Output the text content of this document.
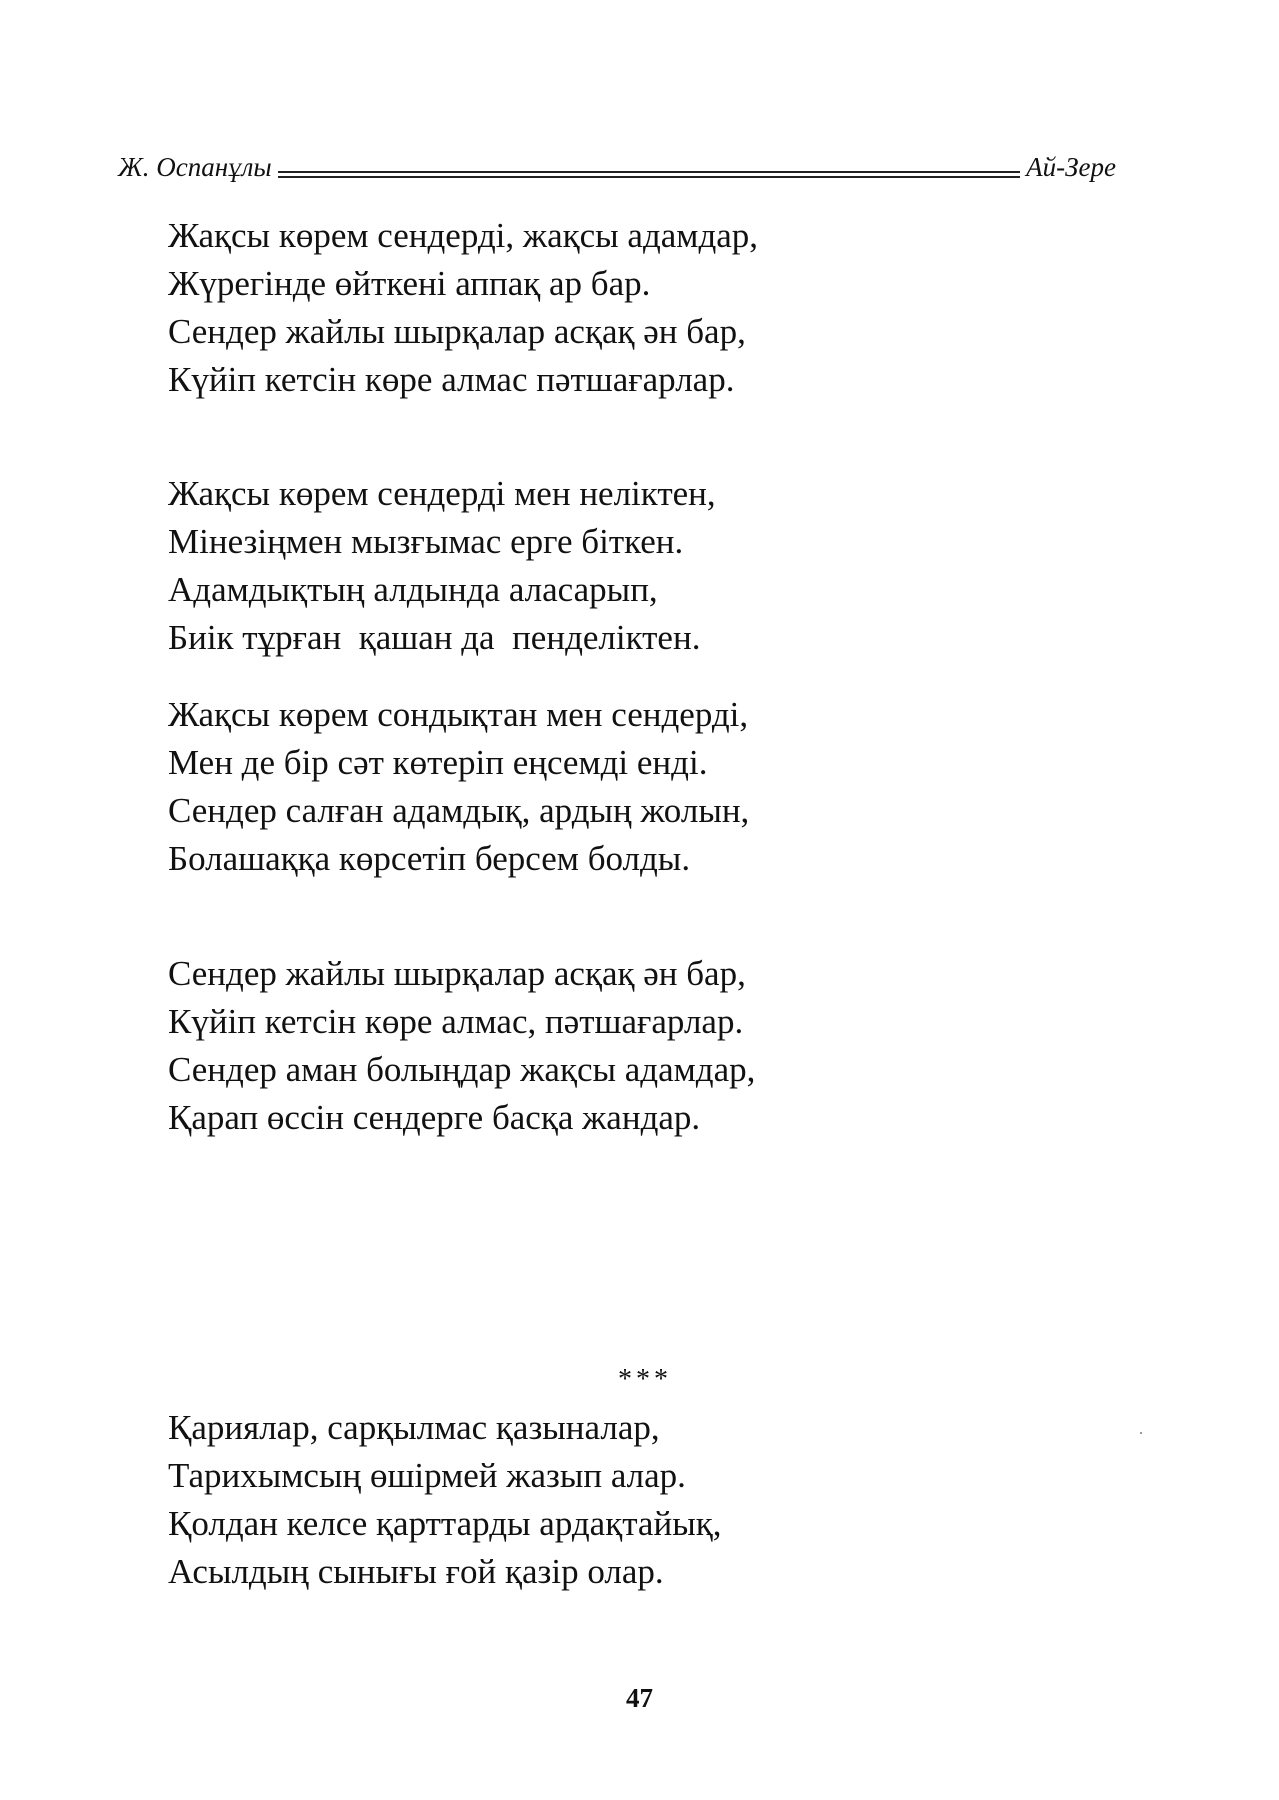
Ж. Оспанұлы	Ай-Зере
Жақсы көрем сендерді, жақсы адамдар,
Жүрегінде өйткені аппақ ар бар.
Сендер жайлы шырқалар асқақ əн бар,
Күйіп кетсін көре алмас пəтшағарлар.
Жақсы көрем сендерді мен неліктен,
Мінезіңмен мызғымас ерге біткен.
Адамдықтың алдында аласарып,
Биік тұрған  қашан да  пенделіктен.
Жақсы көрем сондықтан мен сендерді,
Мен де бір сəт көтеріп еңсемді енді.
Сендер салған адамдық, ардың жолын,
Болашаққа көрсетіп берсем болды.
Сендер жайлы шырқалар асқақ əн бар,
Күйіп кетсін көре алмас, пəтшағарлар.
Сендер аман болыңдар жақсы адамдар,
Қарап өссін сендерге басқа жандар.
***
Қариялар, сарқылмас қазыналар,
Тарихымсың өшірмей жазып алар.
Қолдан келсе қарттарды ардақтайық,
Асылдың сынығы ғой қазір олар.
47
